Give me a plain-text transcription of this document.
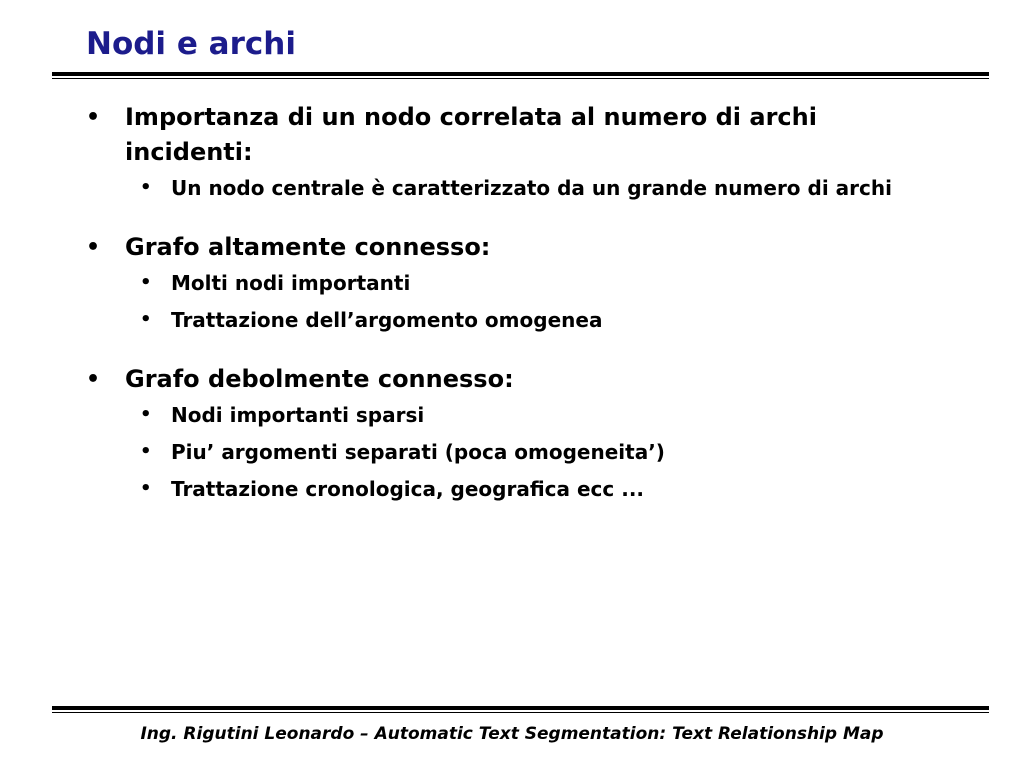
Nodi e archi
• Importanza di un nodo correlata al numero di archi incidenti:
• Un nodo centrale è caratterizzato da un grande numero di archi
• Grafo altamente connesso:
• Molti nodi importanti
• Trattazione dell’argomento omogenea
• Grafo debolmente connesso:
• Nodi importanti sparsi
• Piu’ argomenti separati (poca omogeneita’)
• Trattazione cronologica, geografica ecc ...
Ing. Rigutini Leonardo – Automatic Text Segmentation: Text Relationship Map
